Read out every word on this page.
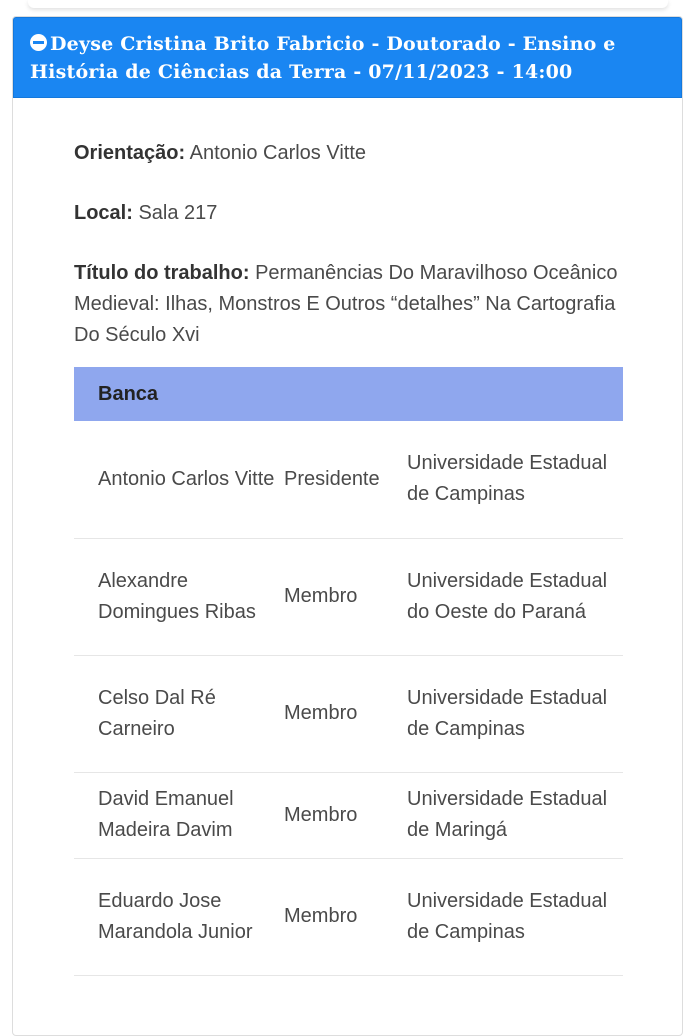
Deyse Cristina Brito Fabricio - Doutorado - Ensino e História de Ciências da Terra - 07/11/2023 - 14:00

Orientação: Antonio Carlos Vitte

Local: Sala 217

Título do trabalho: Permanências Do Maravilhoso Oceânico Medieval: Ilhas, Monstros E Outros “detalhes” Na Cartografia Do Século Xvi

Banca		
Antonio Carlos Vitte	Presidente	Universidade Estadual de Campinas
Alexandre Domingues Ribas	Membro	Universidade Estadual do Oeste do Paraná
Celso Dal Ré Carneiro	Membro	Universidade Estadual de Campinas
David Emanuel Madeira Davim	Membro	Universidade Estadual de Maringá
Eduardo Jose Marandola Junior	Membro	Universidade Estadual de Campinas
